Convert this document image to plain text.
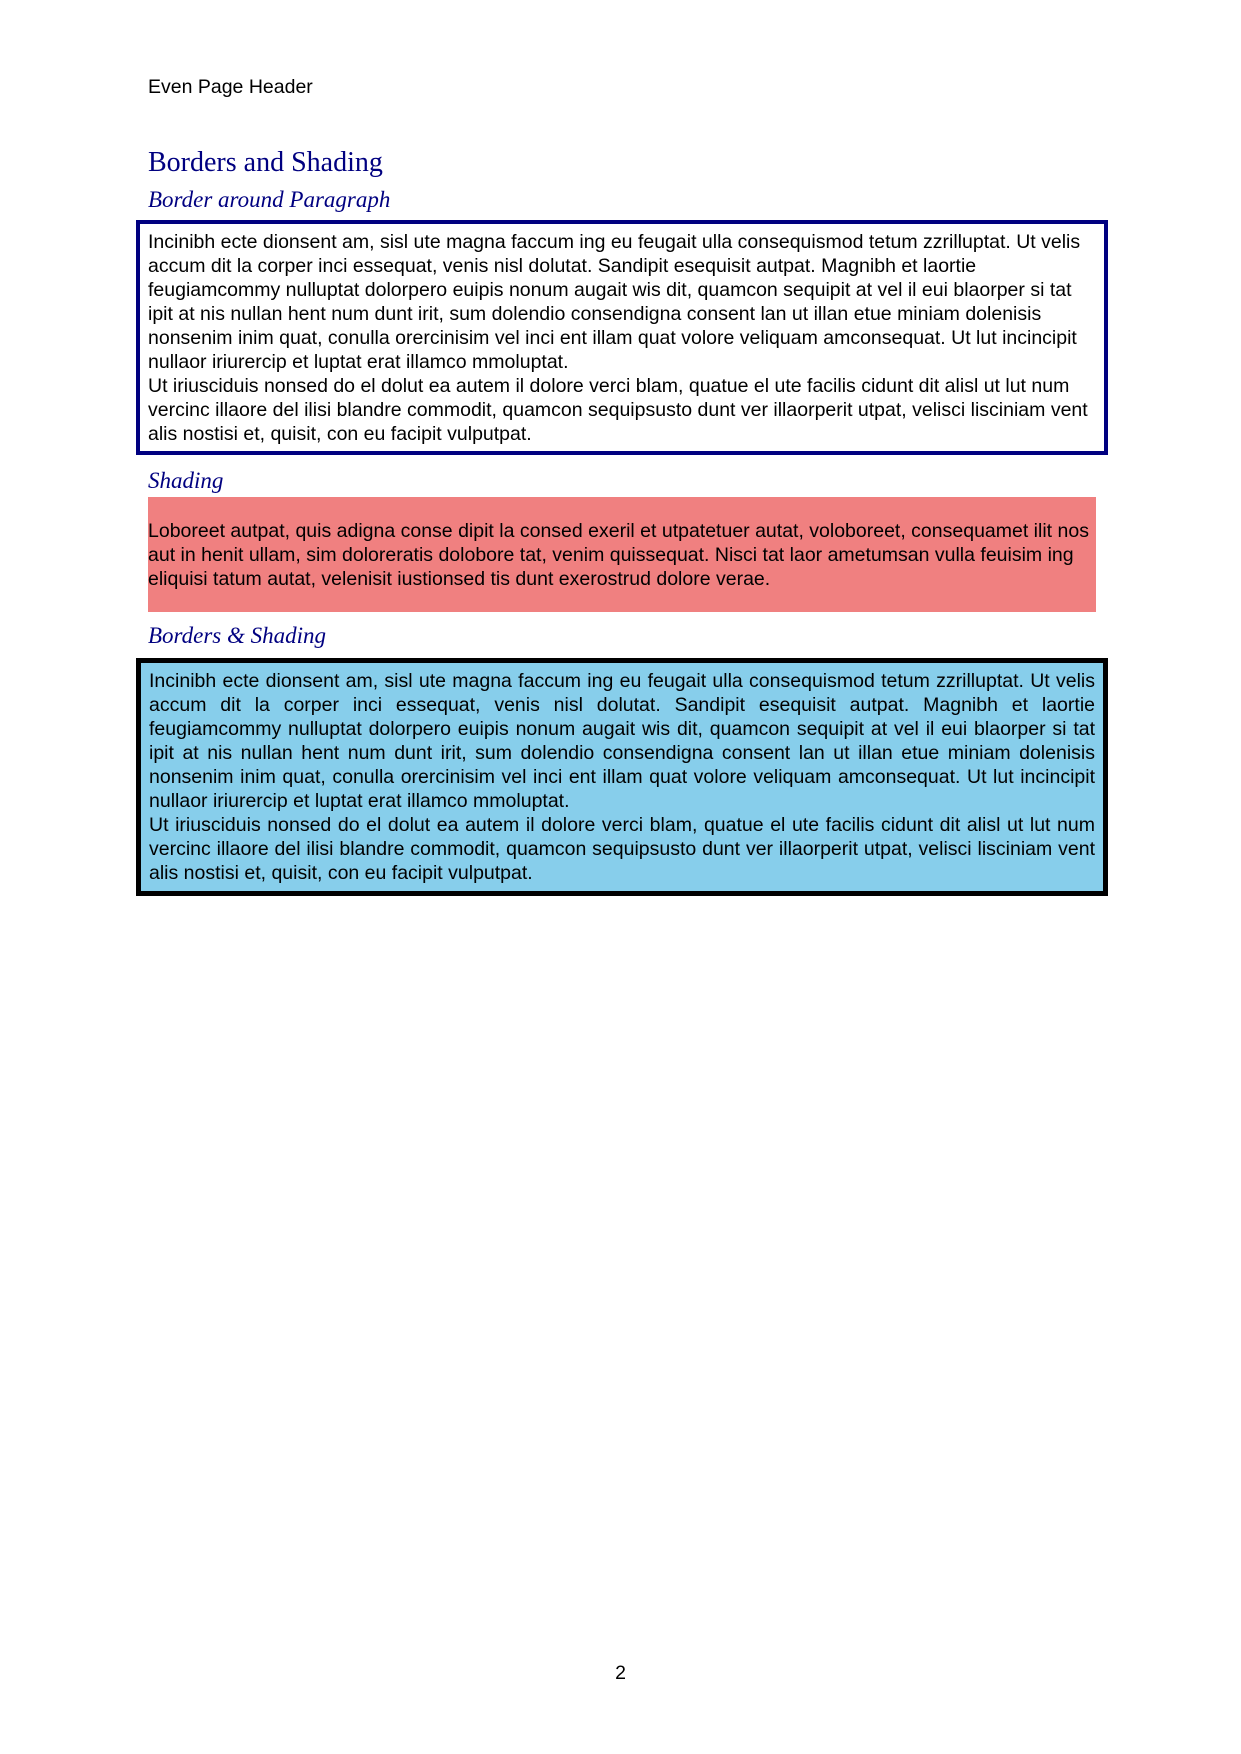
Even Page Header
Borders and Shading
Border around Paragraph

Incinibh ecte dionsent am, sisl ute magna faccum ing eu feugait ulla consequismod tetum zzrilluptat. Ut velis accum dit la corper inci essequat, venis nisl dolutat. Sandipit esequisit autpat. Magnibh et laortie feugiamcommy nulluptat dolorpero euipis nonum augait wis dit, quamcon sequipit at vel il eui blaorper si tat ipit at nis nullan hent num dunt irit, sum dolendio consendigna consent lan ut illan etue miniam dolenisis nonsenim inim quat, conulla orercinisim vel inci ent illam quat volore veliquam amconsequat. Ut lut incincipit nullaor iriurercip et luptat erat illamco mmoluptat.

Ut iriusciduis nonsed do el dolut ea autem il dolore verci blam, quatue el ute facilis cidunt dit alisl ut lut num vercinc illaore del ilisi blandre commodit, quamcon sequipsusto dunt ver illaorperit utpat, velisci lisciniam vent alis nostisi et, quisit, con eu facipit vulputpat.

Shading

Loboreet autpat, quis adigna conse dipit la consed exeril et utpatetuer autat, voloboreet, consequamet ilit nos aut in henit ullam, sim doloreratis dolobore tat, venim quissequat. Nisci tat laor ametumsan vulla feuisim ing eliquisi tatum autat, velenisit iustionsed tis dunt exerostrud dolore verae.

Borders & Shading

Incinibh ecte dionsent am, sisl ute magna faccum ing eu feugait ulla consequismod tetum zzrilluptat. Ut velis accum dit la corper inci essequat, venis nisl dolutat. Sandipit esequisit autpat. Magnibh et laortie feugiamcommy nulluptat dolorpero euipis nonum augait wis dit, quamcon sequipit at vel il eui blaorper si tat ipit at nis nullan hent num dunt irit, sum dolendio consendigna consent lan ut illan etue miniam dolenisis nonsenim inim quat, conulla orercinisim vel inci ent illam quat volore veliquam amconsequat. Ut lut incincipit nullaor iriurercip et luptat erat illamco mmoluptat.

Ut iriusciduis nonsed do el dolut ea autem il dolore verci blam, quatue el ute facilis cidunt dit alisl ut lut num vercinc illaore del ilisi blandre commodit, quamcon sequipsusto dunt ver illaorperit utpat, velisci lisciniam vent alis nostisi et, quisit, con eu facipit vulputpat.

2
